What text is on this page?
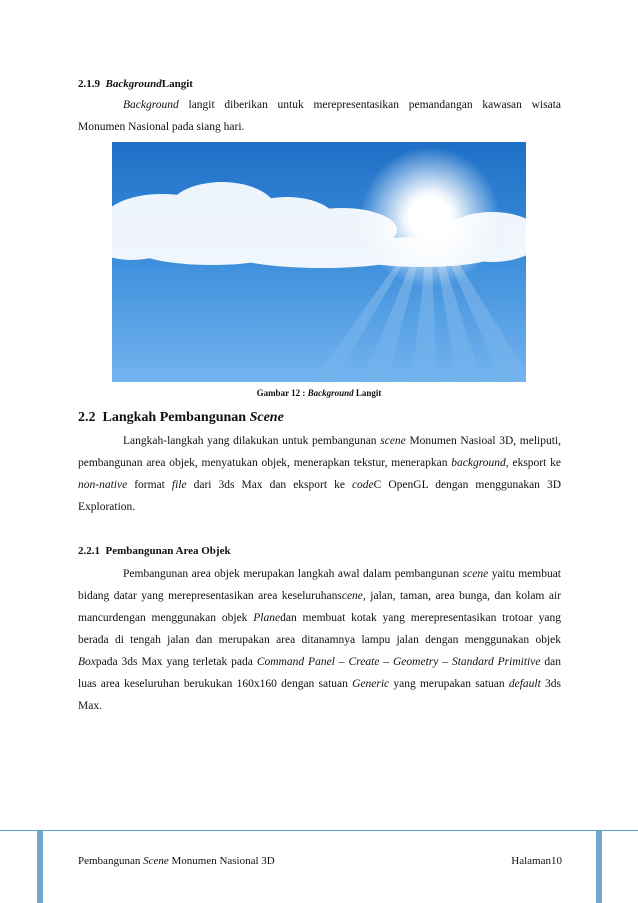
2.1.9 BackgroundLangit

Background langit diberikan untuk merepresentasikan pemandangan kawasan wisata Monumen Nasional pada siang hari.

Gambar 12 : Background Langit
2.2 Langkah Pembangunan Scene

Langkah-langkah yang dilakukan untuk pembangunan scene Monumen Nasioal 3D, meliputi, pembangunan area objek, menyatukan objek, menerapkan tekstur, menerapkan background, eksport ke non-native format file dari 3ds Max dan eksport ke codeC OpenGL dengan menggunakan 3D Exploration.

2.2.1 Pembangunan Area Objek

Pembangunan area objek merupakan langkah awal dalam pembangunan scene yaitu membuat bidang datar yang merepresentasikan area keseluruhanscene, jalan, taman, area bunga, dan kolam air mancurdengan menggunakan objek Planedan membuat kotak yang merepresentasikan trotoar yang berada di tengah jalan dan merupakan area ditanamnya lampu jalan dengan menggunakan objek Boxpada 3ds Max yang terletak pada Command Panel – Create – Geometry – Standard Primitive dan luas area keseluruhan berukukan 160x160 dengan satuan Generic yang merupakan satuan default 3ds Max.

Pembangunan Scene Monumen Nasional 3D	Halaman10
